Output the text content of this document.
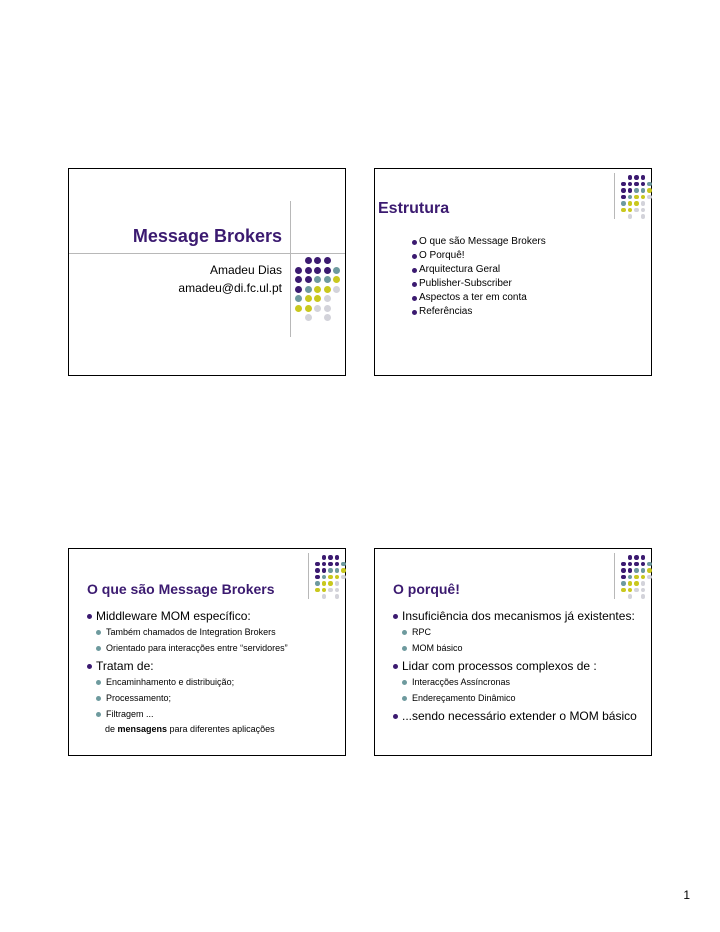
Message Brokers
Amadeu Dias
amadeu@di.fc.ul.pt
Estrutura
O que são Message Brokers
O Porquê!
Arquitectura Geral
Publisher-Subscriber
Aspectos a ter em conta
Referências
O que são Message Brokers
Middleware MOM específico:
Também chamados de Integration Brokers
Orientado para interacções entre “servidores”
Tratam de:
Encaminhamento e distribuição;
Processamento;
Filtragem ...
de mensagens para diferentes aplicações
O porquê!
Insuficiência dos mecanismos já existentes:
RPC
MOM básico
Lidar com processos complexos de :
Interacções Assíncronas
Endereçamento Dinâmico
...sendo necessário extender o MOM básico
1
